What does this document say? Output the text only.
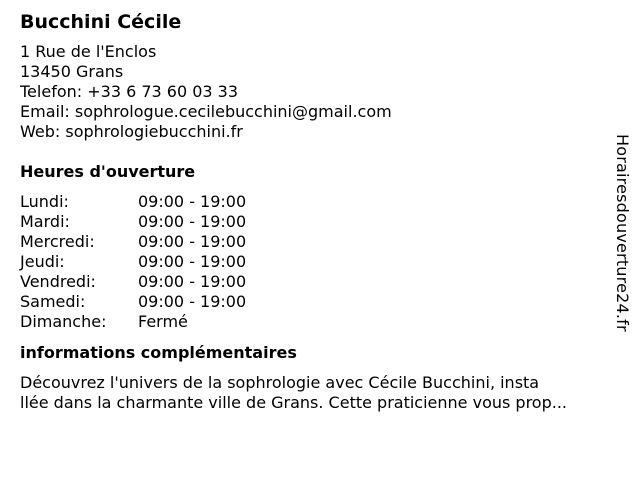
Bucchini Cécile
1 Rue de l'Enclos
13450 Grans
Telefon: +33 6 73 60 03 33
Email: sophrologue.cecilebucchini@gmail.com
Web: sophrologiebucchini.fr
Heures d'ouverture
Lundi:	09:00 - 19:00
Mardi:	09:00 - 19:00
Mercredi:	09:00 - 19:00
Jeudi:	09:00 - 19:00
Vendredi:	09:00 - 19:00
Samedi:	09:00 - 19:00
Dimanche:	Fermé
informations complémentaires
Découvrez l'univers de la sophrologie avec Cécile Bucchini, insta
llée dans la charmante ville de Grans. Cette praticienne vous prop...
Horairesdouverture24.fr
